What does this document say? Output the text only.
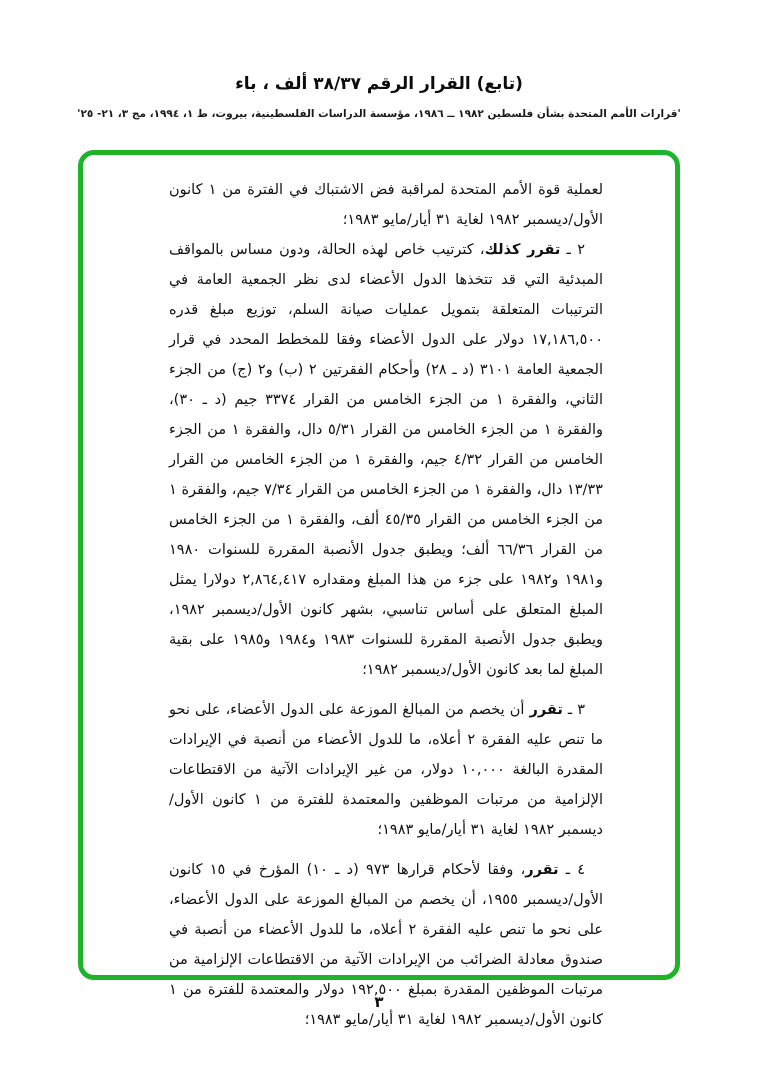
(تابع) القرار الرقم ٣٨/٣٧ ألف ، باء
'قرارات الأمم المتحدة بشأن فلسطين ١٩٨٢ ــ ١٩٨٦، مؤسسة الدراسات الفلسطينية، بيروت، ط ١، ١٩٩٤، مج ٣، ٢١- ٢٥'

لعملية قوة الأمم المتحدة لمراقبة فض الاشتباك في الفترة من ١ كانون الأول/ديسمبر ١٩٨٢ لغاية ٣١ أيار/مايو ١٩٨٣؛

٢ ـ تقرر كذلك، كترتيب خاص لهذه الحالة، ودون مساس بالمواقف المبدئية التي قد تتخذها الدول الأعضاء لدى نظر الجمعية العامة في الترتيبات المتعلقة بتمويل عمليات صيانة السلم، توزيع مبلغ قدره ١٧,١٨٦,٥٠٠ دولار على الدول الأعضاء وفقا للمخطط المحدد في قرار الجمعية العامة ٣١٠١ (د ـ ٢٨) وأحكام الفقرتين ٢ (ب) و٢ (ج) من الجزء الثاني، والفقرة ١ من الجزء الخامس من القرار ٣٣٧٤ جيم (د ـ ٣٠)، والفقرة ١ من الجزء الخامس من القرار ٥/٣١ دال، والفقرة ١ من الجزء الخامس من القرار ٤/٣٢ جيم، والفقرة ١ من الجزء الخامس من القرار ١٣/٣٣ دال، والفقرة ١ من الجزء الخامس من القرار ٧/٣٤ جيم، والفقرة ١ من الجزء الخامس من القرار ٤٥/٣٥ ألف، والفقرة ١ من الجزء الخامس من القرار ٦٦/٣٦ ألف؛ ويطبق جدول الأنصبة المقررة للسنوات ١٩٨٠ و١٩٨١ و١٩٨٢ على جزء من هذا المبلغ ومقداره ٢,٨٦٤,٤١٧ دولارا يمثل المبلغ المتعلق على أساس تناسبي، بشهر كانون الأول/ديسمبر ١٩٨٢، ويطبق جدول الأنصبة المقررة للسنوات ١٩٨٣ و١٩٨٤ و١٩٨٥ على بقية المبلغ لما بعد كانون الأول/ديسمبر ١٩٨٢؛

٣ ـ تقرر أن يخصم من المبالغ الموزعة على الدول الأعضاء، على نحو ما تنص عليه الفقرة ٢ أعلاه، ما للدول الأعضاء من أنصبة في الإيرادات المقدرة البالغة ١٠,٠٠٠ دولار، من غير الإيرادات الآتية من الاقتطاعات الإلزامية من مرتبات الموظفين والمعتمدة للفترة من ١ كانون الأول/ديسمبر ١٩٨٢ لغاية ٣١ أيار/مايو ١٩٨٣؛

٤ ـ تقرر، وفقا لأحكام قرارها ٩٧٣ (د ـ ١٠) المؤرخ في ١٥ كانون الأول/ديسمبر ١٩٥٥، أن يخصم من المبالغ الموزعة على الدول الأعضاء، على نحو ما تنص عليه الفقرة ٢ أعلاه، ما للدول الأعضاء من أنصبة في صندوق معادلة الضرائب من الإيرادات الآتية من الاقتطاعات الإلزامية من مرتبات الموظفين المقدرة بمبلغ ١٩٢,٥٠٠ دولار والمعتمدة للفترة من ١ كانون الأول/ديسمبر ١٩٨٢ لغاية ٣١ أيار/مايو ١٩٨٣؛

٣
